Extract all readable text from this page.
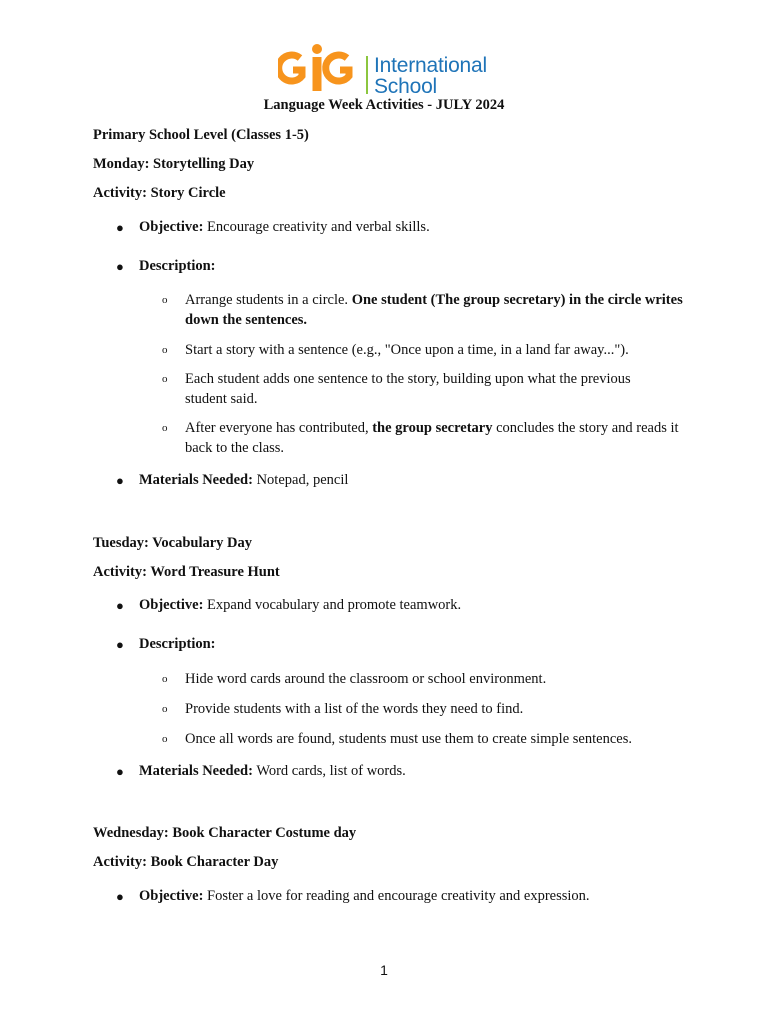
International
School
Language Week Activities - JULY 2024
Primary School Level (Classes 1-5)
Monday: Storytelling Day
Activity: Story Circle
● Objective: Encourage creativity and verbal skills.
● Description:
o Arrange students in a circle. One student (The group secretary) in the circle writes down the sentences.
o Start a story with a sentence (e.g., "Once upon a time, in a land far away...").
o Each student adds one sentence to the story, building upon what the previous student said.
o After everyone has contributed, the group secretary concludes the story and reads it back to the class.
● Materials Needed: Notepad, pencil
Tuesday: Vocabulary Day
Activity: Word Treasure Hunt
● Objective: Expand vocabulary and promote teamwork.
● Description:
o Hide word cards around the classroom or school environment.
o Provide students with a list of the words they need to find.
o Once all words are found, students must use them to create simple sentences.
● Materials Needed: Word cards, list of words.
Wednesday: Book Character Costume day
Activity: Book Character Day
● Objective: Foster a love for reading and encourage creativity and expression.
1
